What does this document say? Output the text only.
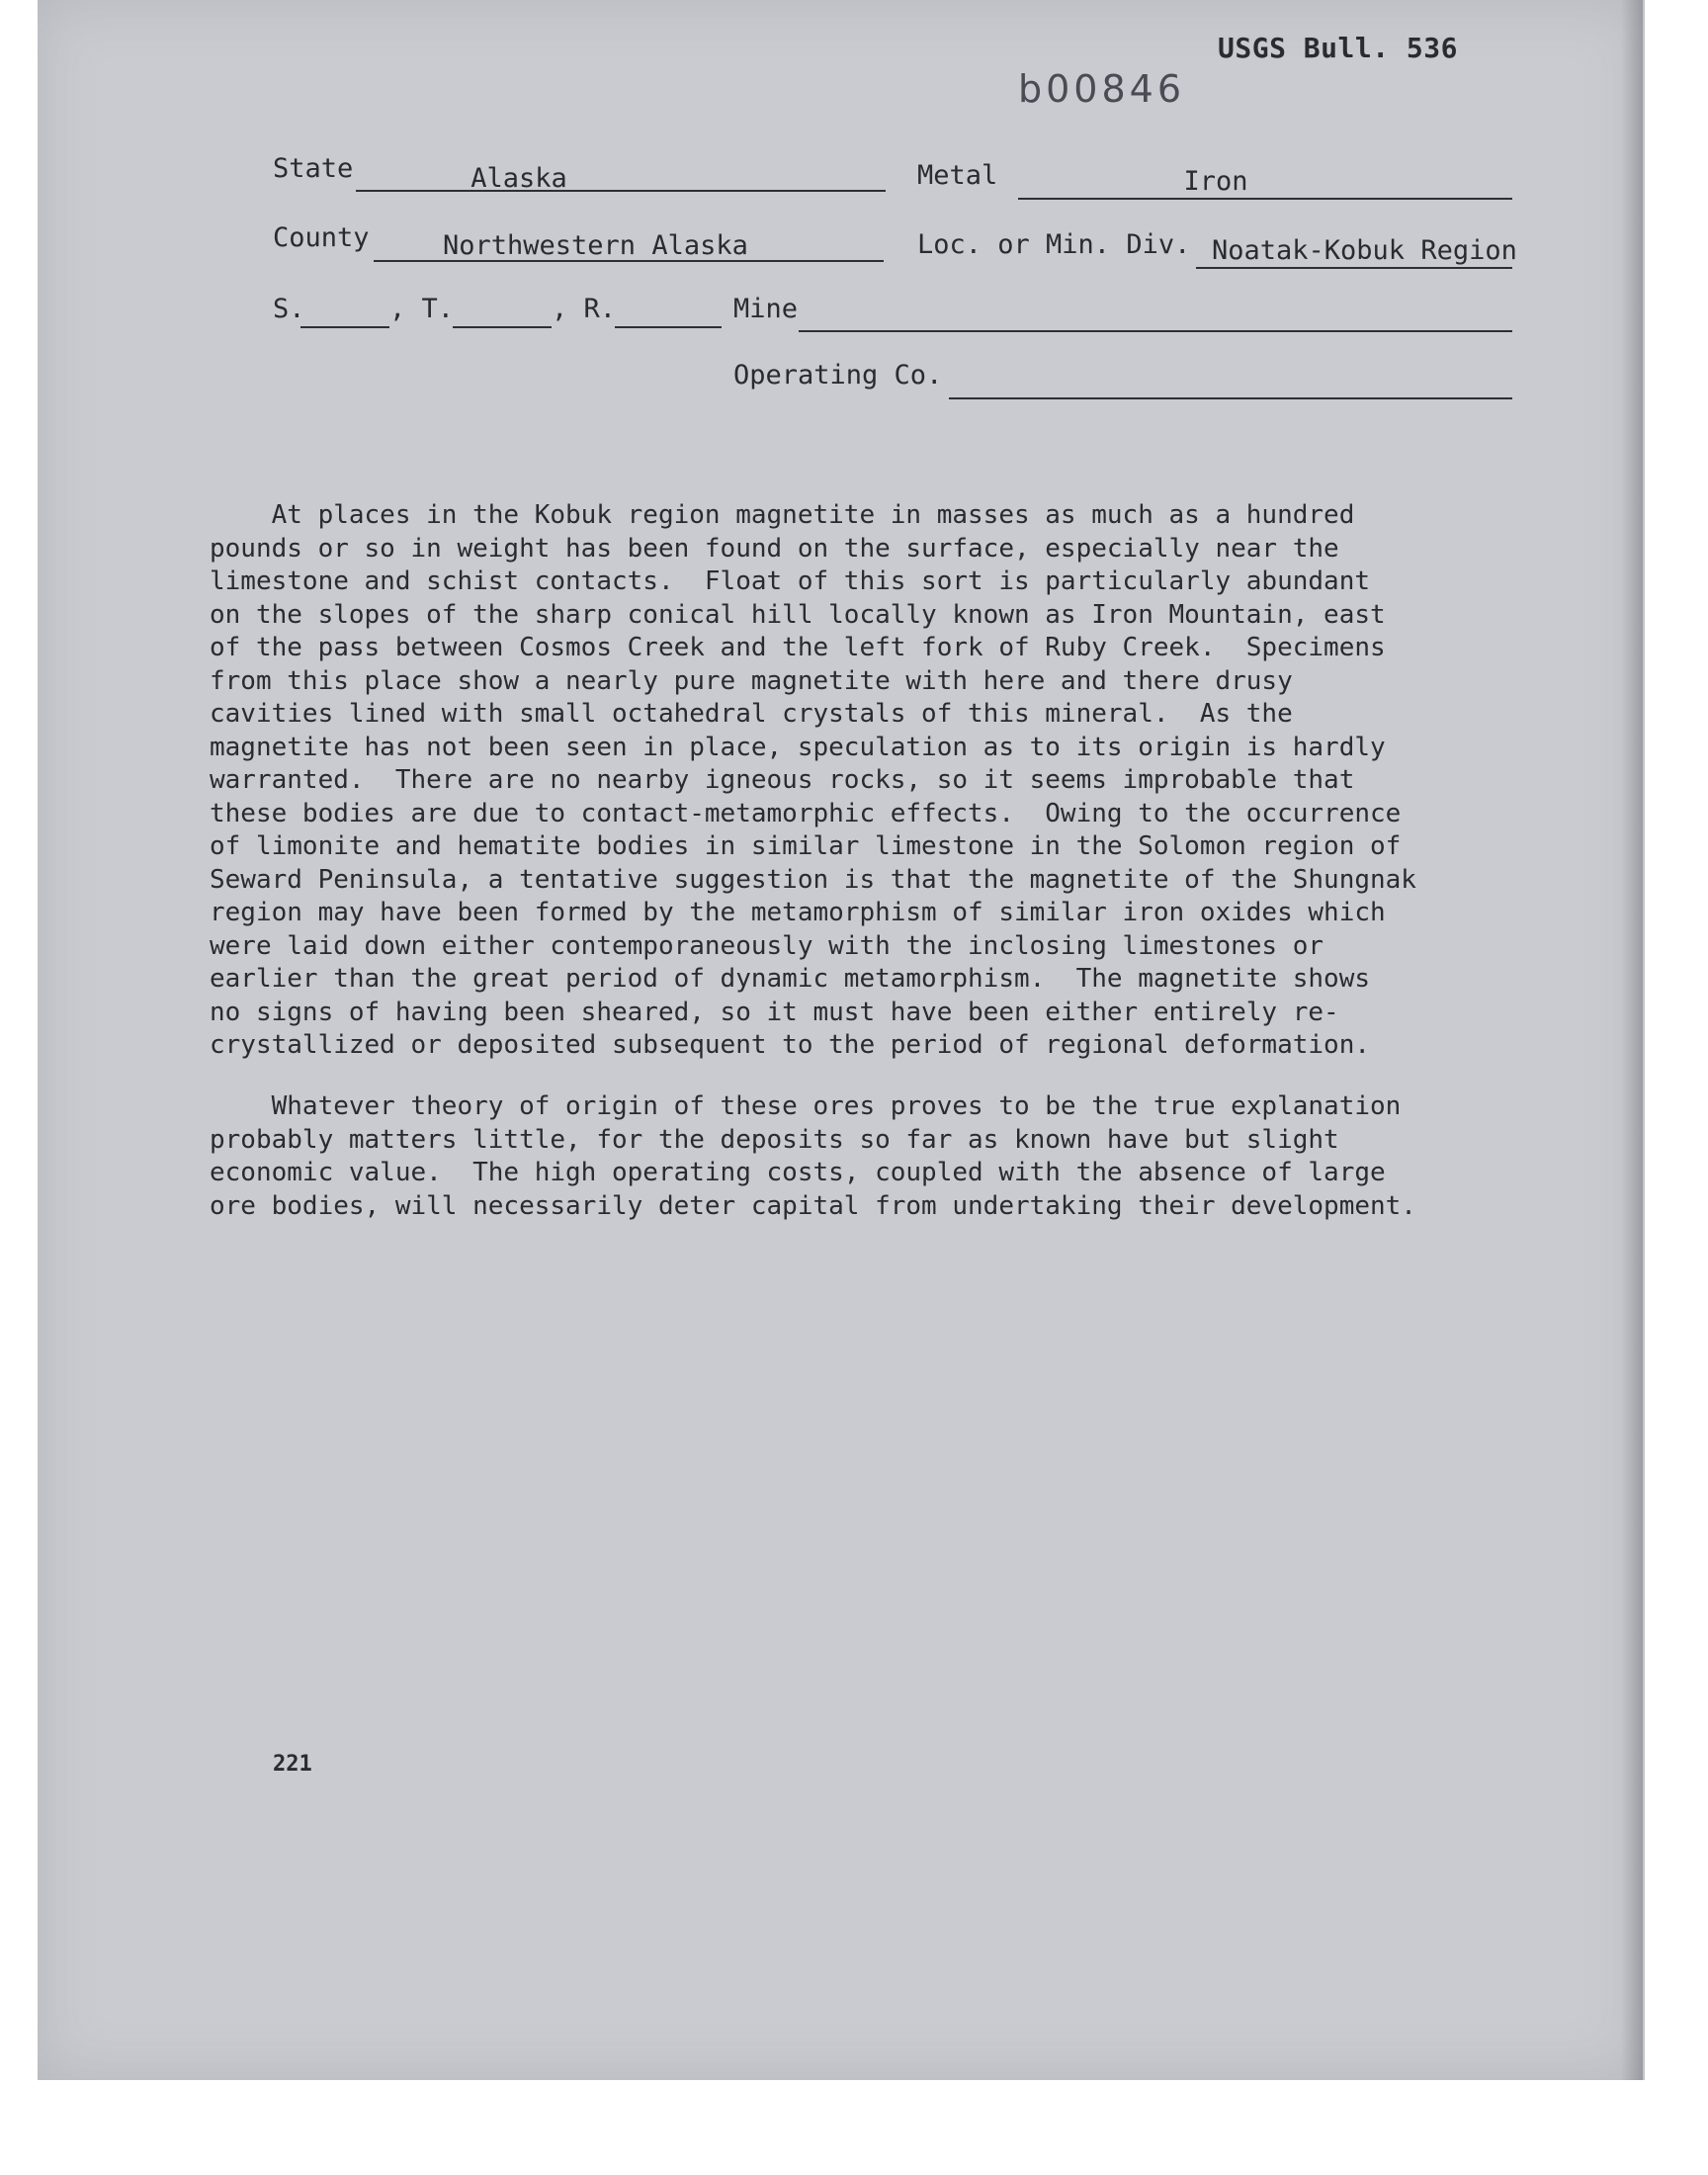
USGS Bull. 536
b00846
State	Alaska	Metal	Iron
County	Northwestern Alaska	Loc. or Min. Div. Noatak-Kobuk Region
S.	, T.	, R.	Mine
Operating Co.
At places in the Kobuk region magnetite in masses as much as a hundred
pounds or so in weight has been found on the surface, especially near the
limestone and schist contacts.  Float of this sort is particularly abundant
on the slopes of the sharp conical hill locally known as Iron Mountain, east
of the pass between Cosmos Creek and the left fork of Ruby Creek.  Specimens
from this place show a nearly pure magnetite with here and there drusy
cavities lined with small octahedral crystals of this mineral.  As the
magnetite has not been seen in place, speculation as to its origin is hardly
warranted.  There are no nearby igneous rocks, so it seems improbable that
these bodies are due to contact-metamorphic effects.  Owing to the occurrence
of limonite and hematite bodies in similar limestone in the Solomon region of
Seward Peninsula, a tentative suggestion is that the magnetite of the Shungnak
region may have been formed by the metamorphism of similar iron oxides which
were laid down either contemporaneously with the inclosing limestones or
earlier than the great period of dynamic metamorphism.  The magnetite shows
no signs of having been sheared, so it must have been either entirely re-
crystallized or deposited subsequent to the period of regional deformation.
Whatever theory of origin of these ores proves to be the true explanation
probably matters little, for the deposits so far as known have but slight
economic value.  The high operating costs, coupled with the absence of large
ore bodies, will necessarily deter capital from undertaking their development.
221
